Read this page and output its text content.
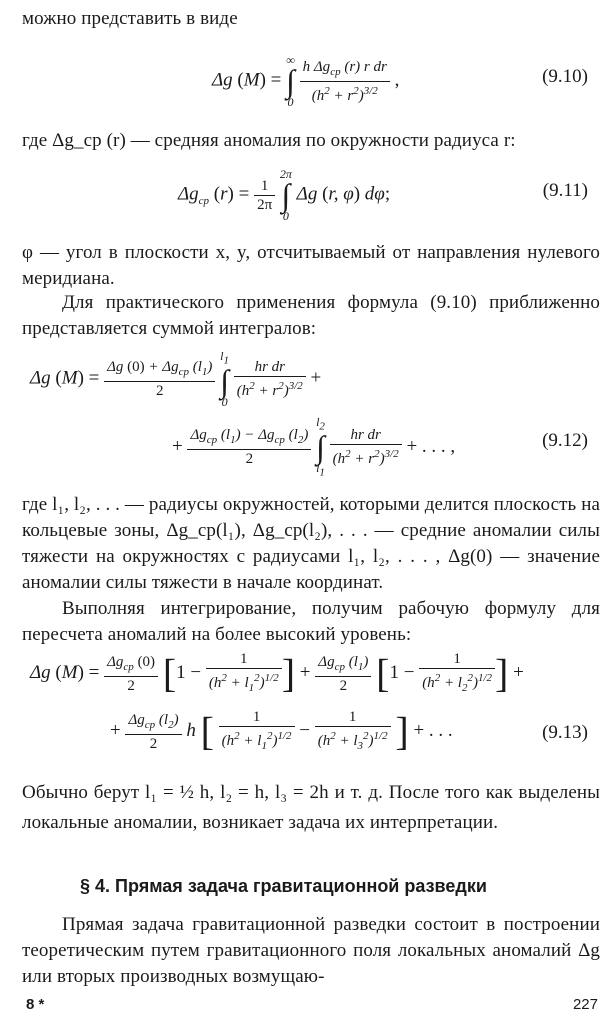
можно представить в виде

Δg (M) =
∞
∫
0
$\frac{h \Delta g_{ср} (r) r dr}{(h^2 + r^2)^{3/2}}$ ,	(9.10)

где Δg_ср (r) — средняя аномалия по окружности радиуса r:

$\Delta g_{ср}$ $(r) = \frac{1}{2\pi}$

2π
∫
0
Δg (r, φ) dφ;	(9.11)

φ — угол в плоскости x, y, отсчитываемый от направления нулевого меридиана.

Для практического применения формула (9.10) приближенно представляется суммой интегралов:

Δg $(M) = \frac{\Delta g (0) + \Delta g_{ср} (l_1)}{2}$

$l_1$
∫
0

$\frac{\text{hr dr}}{(h^2 + r^2)^{3/2}}$ +
+ $\frac{\Delta g_{ср} (l_1) - \Delta g_{ср} (l_2)}{2}$

$l_2$
∫
$l_1$

$\frac{\text{hr dr}}{(h^2 + r^2)^{3/2}}$ + . . . ,	(9.12)

где l₁, l₂, . . . — радиусы окружностей, которыми делится плоскость на кольцевые зоны, Δg_ср(l₁), Δg_ср(l₂), . . . — средние аномалии силы тяжести на окружностях с радиусами l₁, l₂, . . . , Δg(0) — значение аномалии силы тяжести в начале координат.

Выполняя интегрирование, получим рабочую формулу для пересчета аномалий на более высокий уровень:

Δg $(M) = \frac{\Delta g_{ср} (0)}{2} [1 - \frac{1}{(h^2 + l_1^2)^{1/2}}$ ] + $\frac{\Delta g_{ср} (l_1)}{2} [1 - \frac{1}{(h^2 + l_2^2)^{1/2}}$ ] +
+ $\frac{\Delta g_{ср} (l_2)}{2}$ h [ $\frac{1}{(h^2 + l_1^2)^{1/2}} - \frac{1}{(h^2 + l_3^2)^{1/2}}$ ] + . . .	(9.13)

Обычно берут l₁ = ½ h, l₂ = h, l₃ = 2h и т. д. После того как выделены локальные аномалии, возникает задача их интерпретации.

§ 4. Прямая задача гравитационной разведки

Прямая задача гравитационной разведки состоит в построении теоретическим путем гравитационного поля локальных аномалий Δg или вторых производных возмущаю-

8 *	227
